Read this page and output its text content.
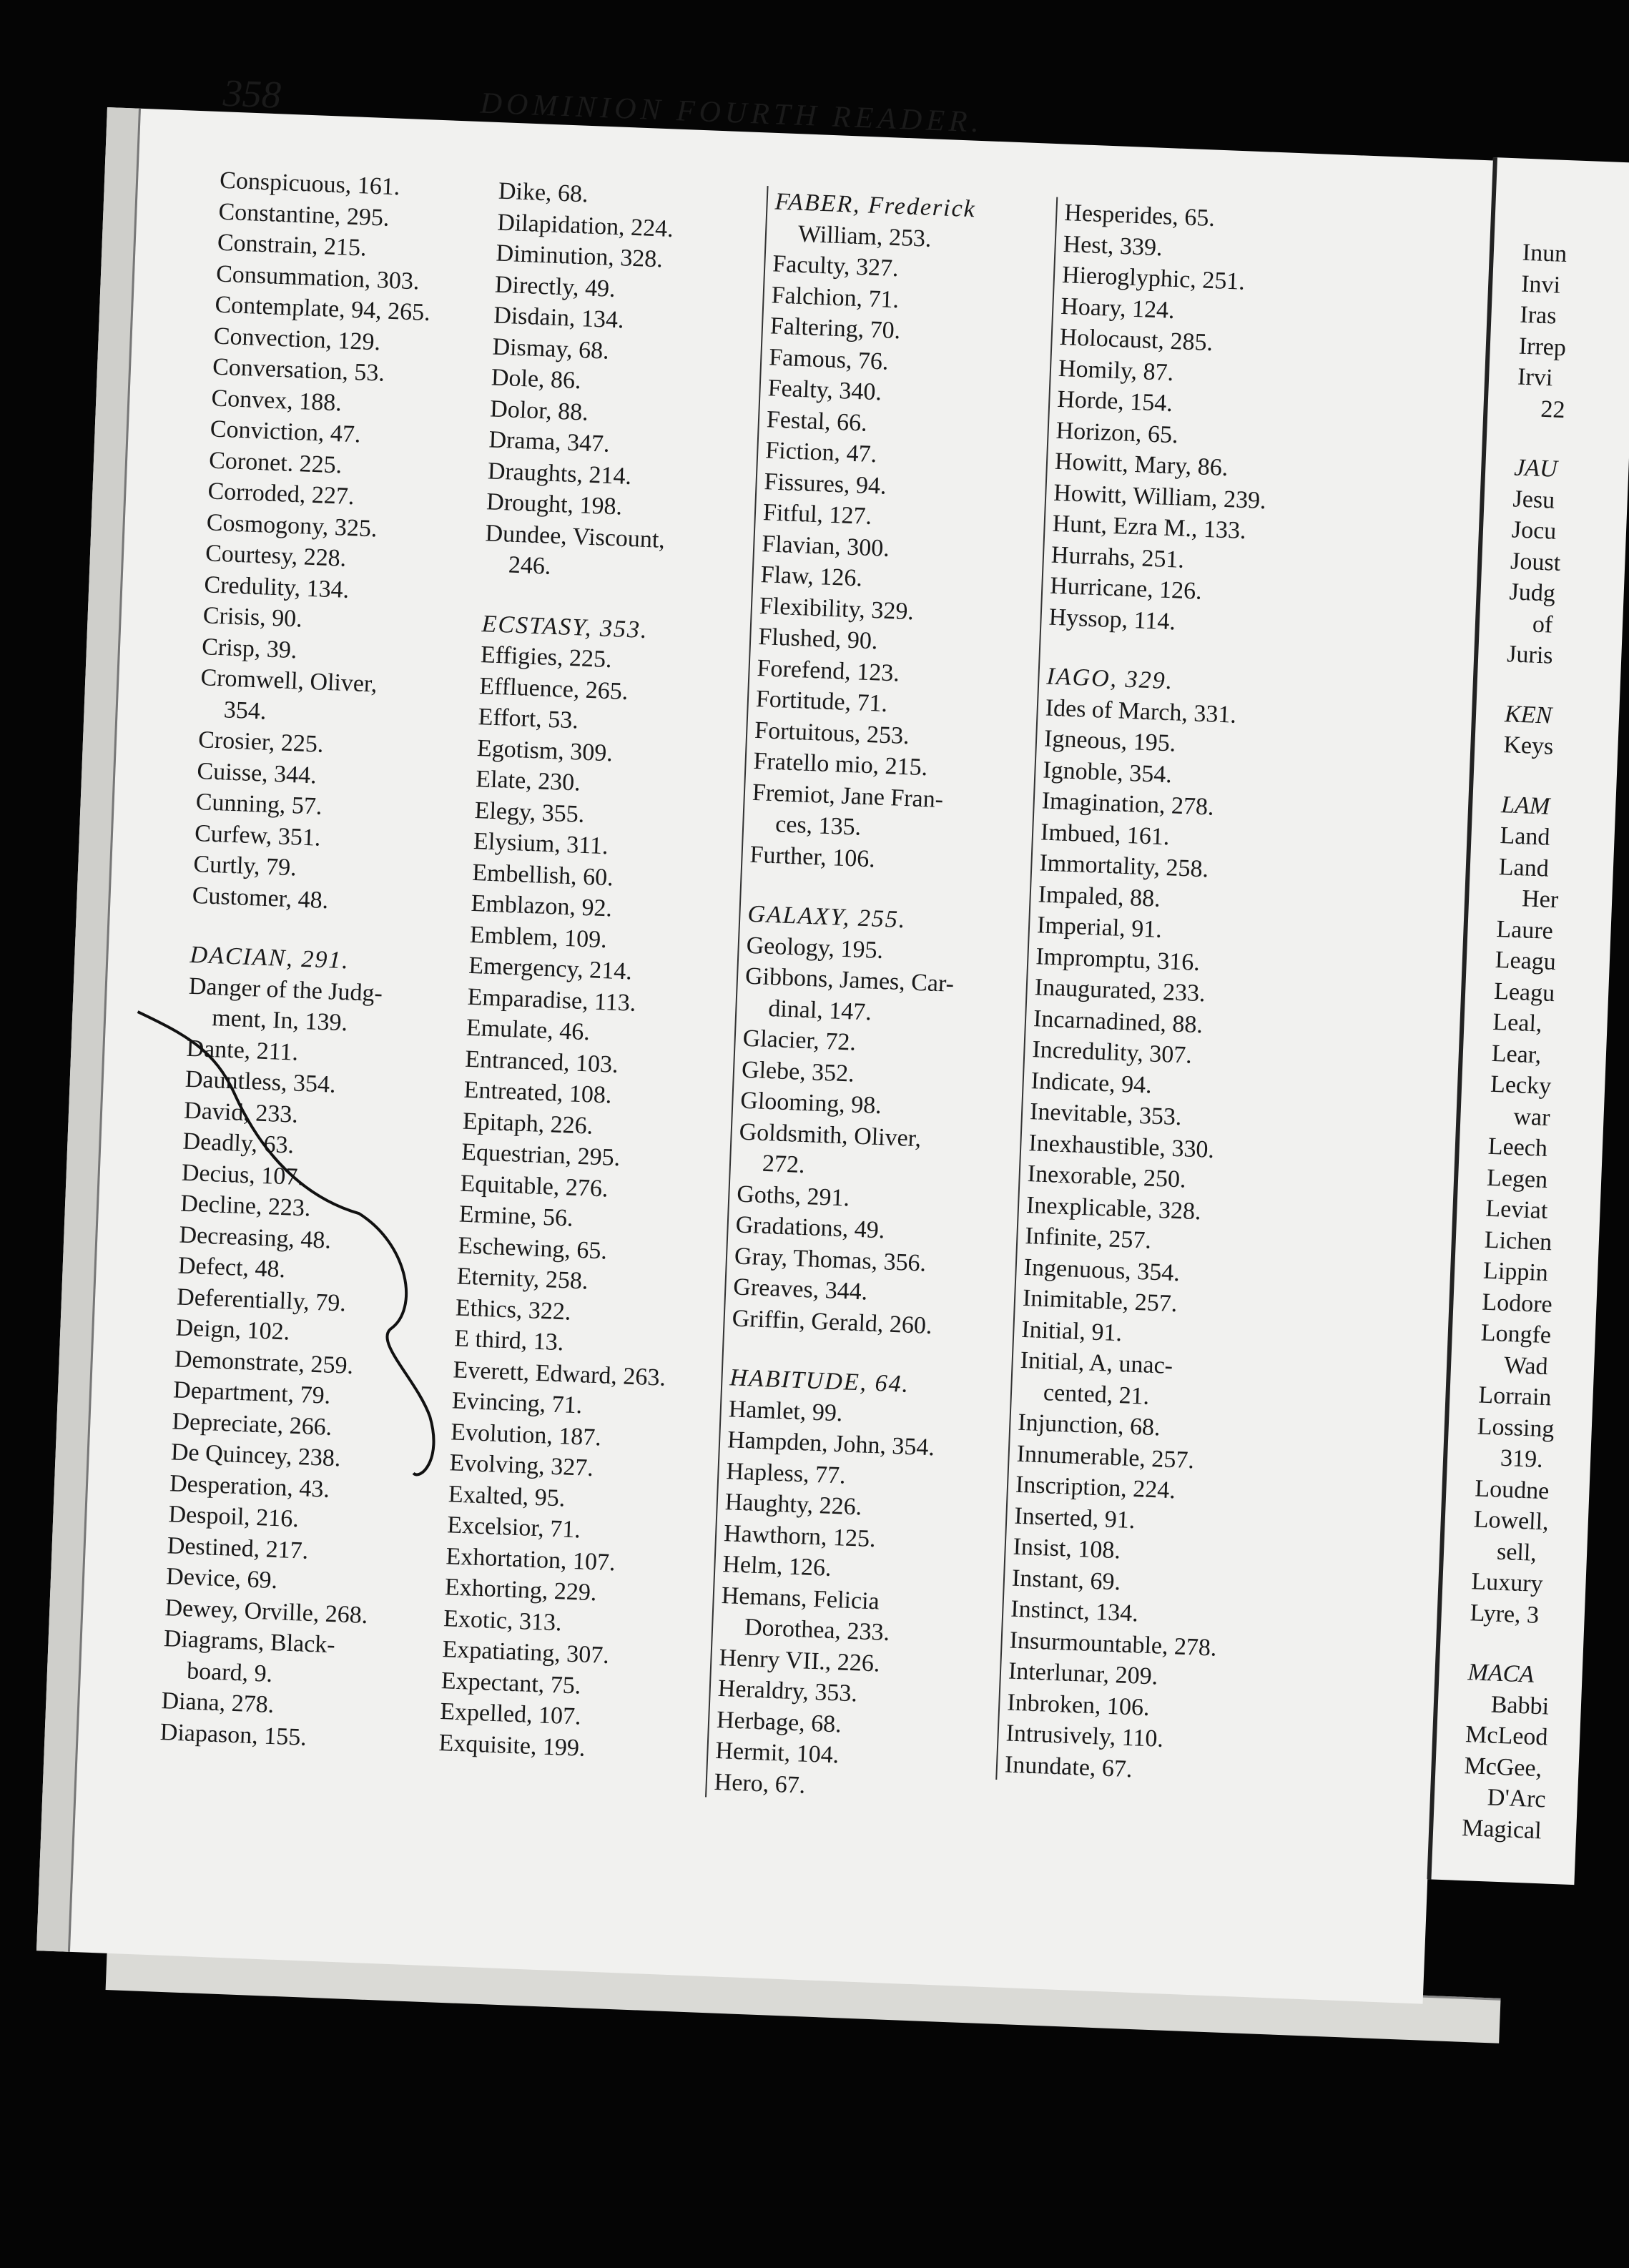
Inun
Invi
Iras
Irrep
Irvi
22
JAU
Jesu
Jocu
Joust
Judg
of
Juris
KEN
Keys
LAM
Land
Land
Her
Laure
Leagu
Leagu
Leal,
Lear,
Lecky
war
Leech
Legen
Leviat
Lichen
Lippin
Lodore
Longfe
Wad
Lorrain
Lossing
319.
Loudne
Lowell,
sell,
Luxury
Lyre, 3
MACA
Babbi
McLeod
McGee,
D'Arc
Magical
358	DOMINION FOURTH READER.
Conspicuous, 161.
Constantine, 295.
Constrain, 215.
Consummation, 303.
Contemplate, 94, 265.
Convection, 129.
Conversation, 53.
Convex, 188.
Conviction, 47.
Coronet. 225.
Corroded, 227.
Cosmogony, 325.
Courtesy, 228.
Credulity, 134.
Crisis, 90.
Crisp, 39.
Cromwell, Oliver,
354.
Crosier, 225.
Cuisse, 344.
Cunning, 57.
Curfew, 351.
Curtly, 79.
Customer, 48.
DACIAN, 291.
Danger of the Judg-
ment, In, 139.
Dante, 211.
Dauntless, 354.
David, 233.
Deadly, 63.
Decius, 107.
Decline, 223.
Decreasing, 48.
Defect, 48.
Deferentially, 79.
Deign, 102.
Demonstrate, 259.
Department, 79.
Depreciate, 266.
De Quincey, 238.
Desperation, 43.
Despoil, 216.
Destined, 217.
Device, 69.
Dewey, Orville, 268.
Diagrams, Black-
board, 9.
Diana, 278.
Diapason, 155.
Dike, 68.
Dilapidation, 224.
Diminution, 328.
Directly, 49.
Disdain, 134.
Dismay, 68.
Dole, 86.
Dolor, 88.
Drama, 347.
Draughts, 214.
Drought, 198.
Dundee, Viscount,
246.
ECSTASY, 353.
Effigies, 225.
Effluence, 265.
Effort, 53.
Egotism, 309.
Elate, 230.
Elegy, 355.
Elysium, 311.
Embellish, 60.
Emblazon, 92.
Emblem, 109.
Emergency, 214.
Emparadise, 113.
Emulate, 46.
Entranced, 103.
Entreated, 108.
Epitaph, 226.
Equestrian, 295.
Equitable, 276.
Ermine, 56.
Eschewing, 65.
Eternity, 258.
Ethics, 322.
E third, 13.
Everett, Edward, 263.
Evincing, 71.
Evolution, 187.
Evolving, 327.
Exalted, 95.
Excelsior, 71.
Exhortation, 107.
Exhorting, 229.
Exotic, 313.
Expatiating, 307.
Expectant, 75.
Expelled, 107.
Exquisite, 199.
FABER, Frederick
William, 253.
Faculty, 327.
Falchion, 71.
Faltering, 70.
Famous, 76.
Fealty, 340.
Festal, 66.
Fiction, 47.
Fissures, 94.
Fitful, 127.
Flavian, 300.
Flaw, 126.
Flexibility, 329.
Flushed, 90.
Forefend, 123.
Fortitude, 71.
Fortuitous, 253.
Fratello mio, 215.
Fremiot, Jane Fran-
ces, 135.
Further, 106.
GALAXY, 255.
Geology, 195.
Gibbons, James, Car-
dinal, 147.
Glacier, 72.
Glebe, 352.
Glooming, 98.
Goldsmith, Oliver,
272.
Goths, 291.
Gradations, 49.
Gray, Thomas, 356.
Greaves, 344.
Griffin, Gerald, 260.
HABITUDE, 64.
Hamlet, 99.
Hampden, John, 354.
Hapless, 77.
Haughty, 226.
Hawthorn, 125.
Helm, 126.
Hemans, Felicia
Dorothea, 233.
Henry VII., 226.
Heraldry, 353.
Herbage, 68.
Hermit, 104.
Hero, 67.
Hesperides, 65.
Hest, 339.
Hieroglyphic, 251.
Hoary, 124.
Holocaust, 285.
Homily, 87.
Horde, 154.
Horizon, 65.
Howitt, Mary, 86.
Howitt, William, 239.
Hunt, Ezra M., 133.
Hurrahs, 251.
Hurricane, 126.
Hyssop, 114.
IAGO, 329.
Ides of March, 331.
Igneous, 195.
Ignoble, 354.
Imagination, 278.
Imbued, 161.
Immortality, 258.
Impaled, 88.
Imperial, 91.
Impromptu, 316.
Inaugurated, 233.
Incarnadined, 88.
Incredulity, 307.
Indicate, 94.
Inevitable, 353.
Inexhaustible, 330.
Inexorable, 250.
Inexplicable, 328.
Infinite, 257.
Ingenuous, 354.
Inimitable, 257.
Initial, 91.
Initial, A, unac-
cented, 21.
Injunction, 68.
Innumerable, 257.
Inscription, 224.
Inserted, 91.
Insist, 108.
Instant, 69.
Instinct, 134.
Insurmountable, 278.
Interlunar, 209.
Inbroken, 106.
Intrusively, 110.
Inundate, 67.
